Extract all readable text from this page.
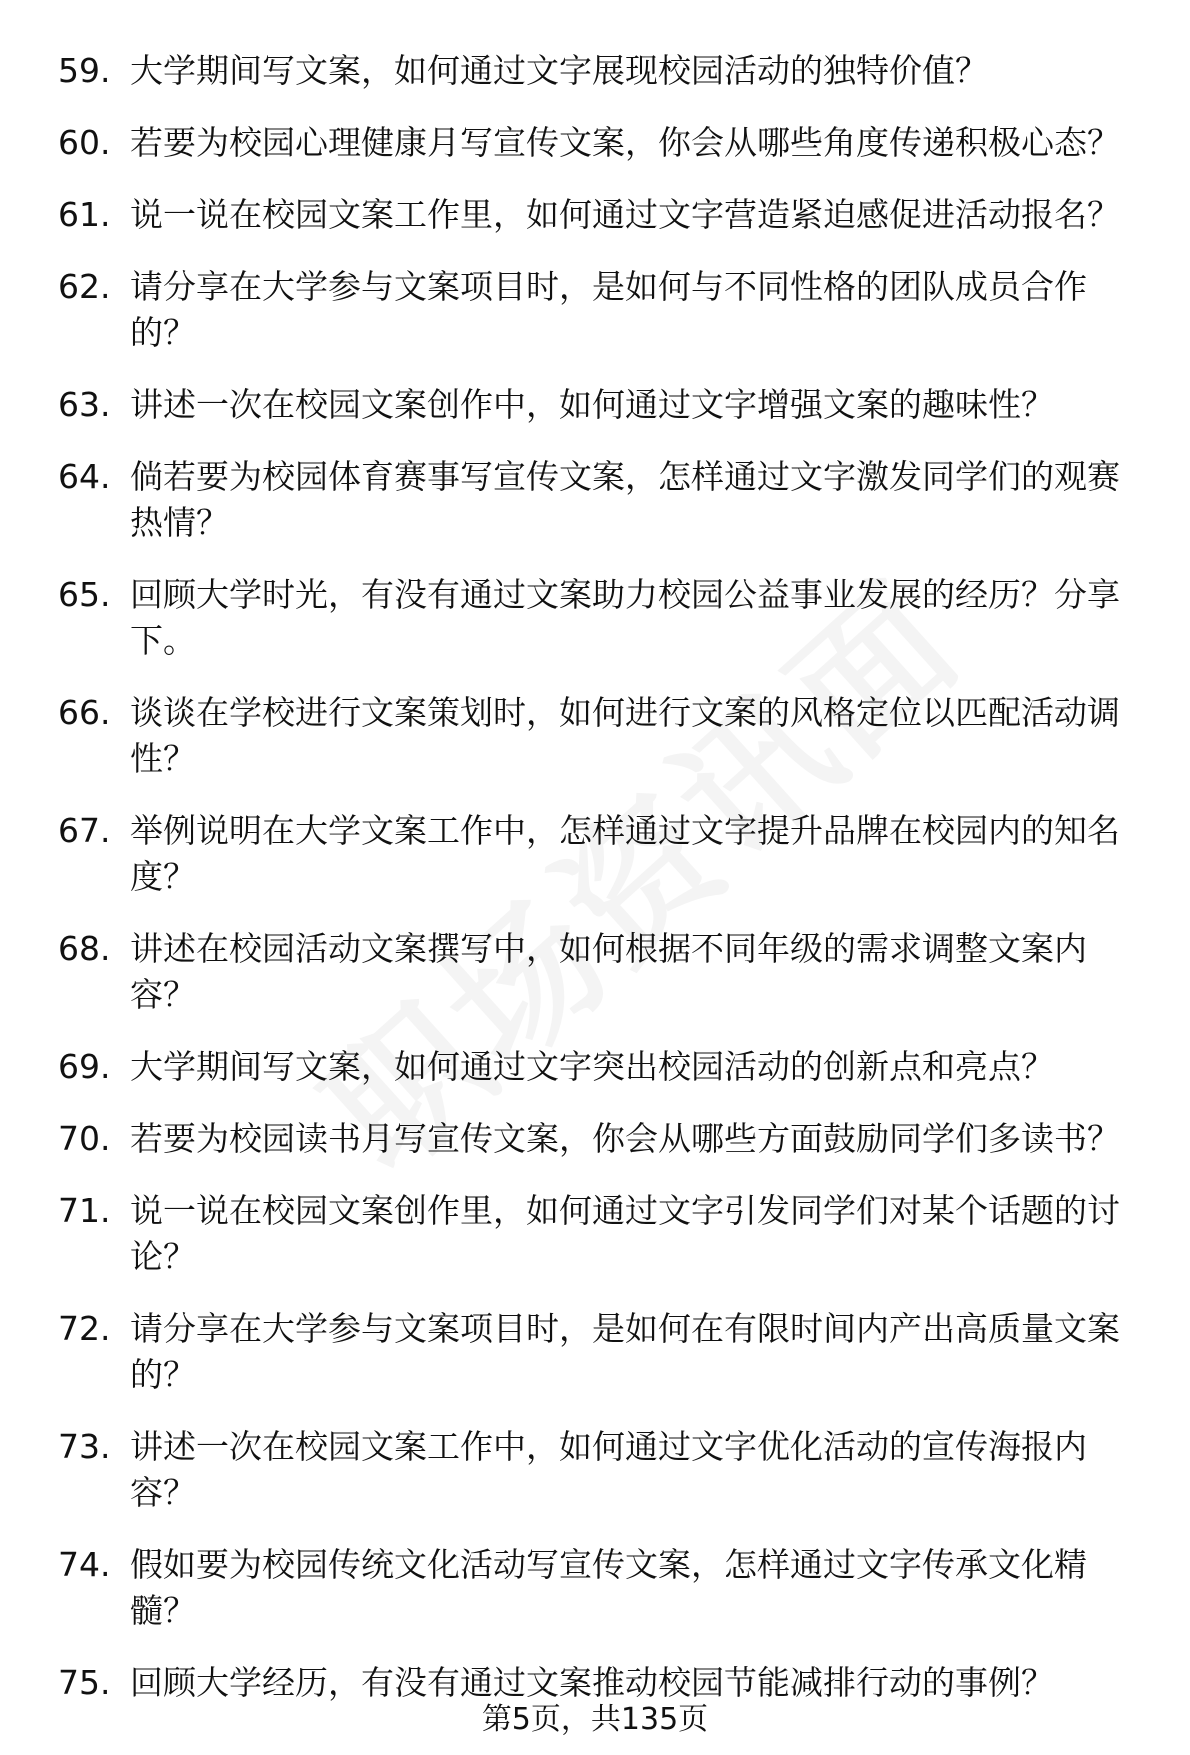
59. 大学期间写文案，如何通过文字展现校园活动的独特价值？
60. 若要为校园心理健康月写宣传文案，你会从哪些角度传递积极心态？
61. 说一说在校园文案工作里，如何通过文字营造紧迫感促进活动报名？
62. 请分享在大学参与文案项目时，是如何与不同性格的团队成员合作的？
63. 讲述一次在校园文案创作中，如何通过文字增强文案的趣味性？
64. 倘若要为校园体育赛事写宣传文案，怎样通过文字激发同学们的观赛热情？
65. 回顾大学时光，有没有通过文案助力校园公益事业发展的经历？分享下。
66. 谈谈在学校进行文案策划时，如何进行文案的风格定位以匹配活动调性？
67. 举例说明在大学文案工作中，怎样通过文字提升品牌在校园内的知名度？
68. 讲述在校园活动文案撰写中，如何根据不同年级的需求调整文案内容？
69. 大学期间写文案，如何通过文字突出校园活动的创新点和亮点？
70. 若要为校园读书月写宣传文案，你会从哪些方面鼓励同学们多读书？
71. 说一说在校园文案创作里，如何通过文字引发同学们对某个话题的讨论？
72. 请分享在大学参与文案项目时，是如何在有限时间内产出高质量文案的？
73. 讲述一次在校园文案工作中，如何通过文字优化活动的宣传海报内容？
74. 假如要为校园传统文化活动写宣传文案，怎样通过文字传承文化精髓？
75. 回顾大学经历，有没有通过文案推动校园节能减排行动的事例？
第5页，共135页
